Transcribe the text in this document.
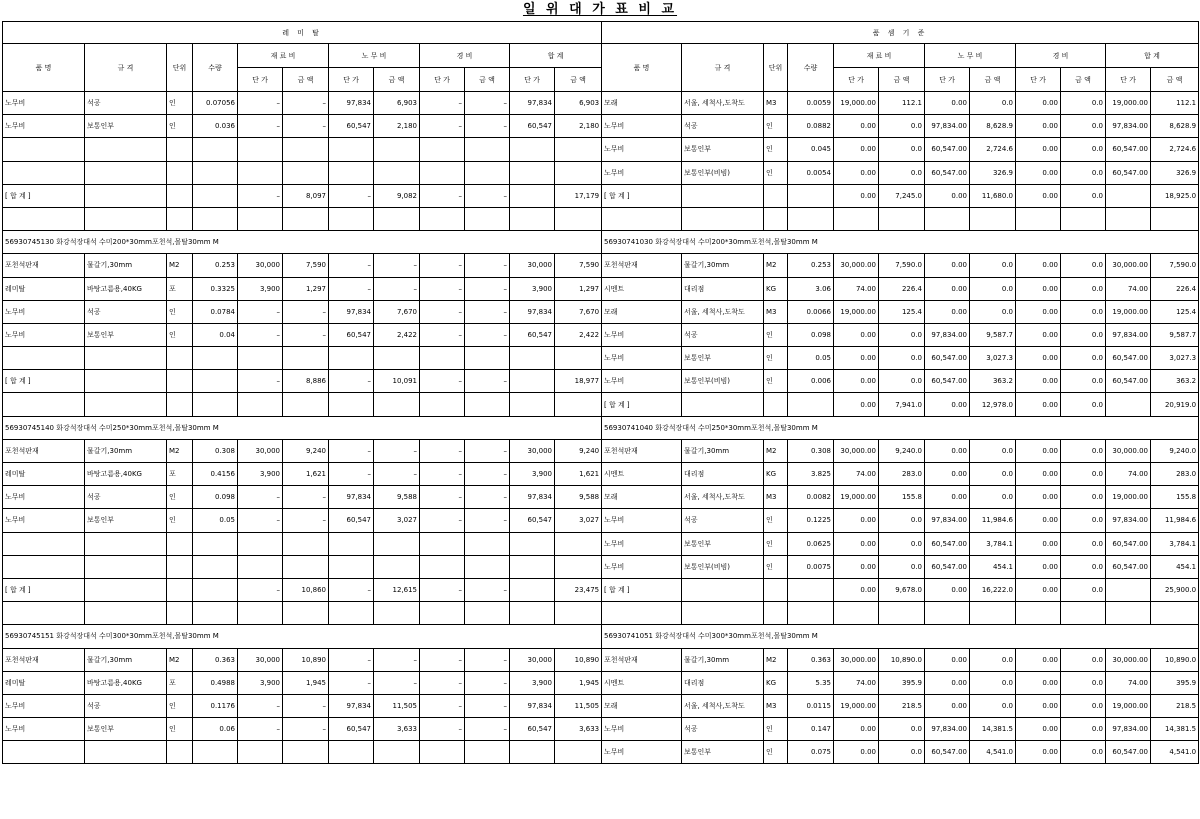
일 위 대 가 표 비 교
레 미 탈											
품 명	규 격	단위	수량	재 료 비		노 무 비		경 비		합 계	
				단 가	금 액	단 가	금 액	단 가	금 액	단 가	금 액
노무비	석공	인	0.07056	–	–	97,834	6,903	–	–	97,834	6,903
노무비	보통인부	인	0.036	–	–	60,547	2,180	–	–	60,547	2,180

[ 합 계 ]				–	8,097	–	9,082	–	–		17,179

56930745130 화강석장대석 수미200*30mm포천석,몰탈30mm M											
포천석판재	물갈기,30mm	M2	0.253	30,000	7,590	–	–	–	–	30,000	7,590
레미탈	바탕고름용,40KG	포	0.3325	3,900	1,297	–	–	–	–	3,900	1,297
노무비	석공	인	0.0784	–	–	97,834	7,670	–	–	97,834	7,670
노무비	보통인부	인	0.04	–	–	60,547	2,422	–	–	60,547	2,422

[ 합 계 ]				–	8,886	–	10,091	–	–		18,977

56930745140 화강석장대석 수미250*30mm포천석,몰탈30mm M											
포천석판재	물갈기,30mm	M2	0.308	30,000	9,240	–	–	–	–	30,000	9,240
레미탈	바탕고름용,40KG	포	0.4156	3,900	1,621	–	–	–	–	3,900	1,621
노무비	석공	인	0.098	–	–	97,834	9,588	–	–	97,834	9,588
노무비	보통인부	인	0.05	–	–	60,547	3,027	–	–	60,547	3,027

[ 합 계 ]				–	10,860	–	12,615	–	–		23,475

56930745151 화강석장대석 수미300*30mm포천석,몰탈30mm M											
포천석판재	물갈기,30mm	M2	0.363	30,000	10,890	–	–	–	–	30,000	10,890
레미탈	바탕고름용,40KG	포	0.4988	3,900	1,945	–	–	–	–	3,900	1,945
노무비	석공	인	0.1176	–	–	97,834	11,505	–	–	97,834	11,505
노무비	보통인부	인	0.06	–	–	60,547	3,633	–	–	60,547	3,633

품 셈 기 준											
품 명	규 격	단위	수량	재 료 비		노 무 비		경 비		합 계	
				단 가	금 액	단 가	금 액	단 가	금 액	단 가	금 액
모래	서울, 세척사,도착도	M3	0.0059	19,000.00	112.1	0.00	0.0	0.00	0.0	19,000.00	112.1
노무비	석공	인	0.0882	0.00	0.0	97,834.00	8,628.9	0.00	0.0	97,834.00	8,628.9
노무비	보통인부	인	0.045	0.00	0.0	60,547.00	2,724.6	0.00	0.0	60,547.00	2,724.6
노무비	보통인부(비빔)	인	0.0054	0.00	0.0	60,547.00	326.9	0.00	0.0	60,547.00	326.9
[ 합 계 ]				0.00	7,245.0	0.00	11,680.0	0.00	0.0		18,925.0

56930741030 화강석장대석 수미200*30mm포천석,몰탈30mm M											
포천석판재	물갈기,30mm	M2	0.253	30,000.00	7,590.0	0.00	0.0	0.00	0.0	30,000.00	7,590.0
시멘트	대리점	KG	3.06	74.00	226.4	0.00	0.0	0.00	0.0	74.00	226.4
모래	서울, 세척사,도착도	M3	0.0066	19,000.00	125.4	0.00	0.0	0.00	0.0	19,000.00	125.4
노무비	석공	인	0.098	0.00	0.0	97,834.00	9,587.7	0.00	0.0	97,834.00	9,587.7
노무비	보통인부	인	0.05	0.00	0.0	60,547.00	3,027.3	0.00	0.0	60,547.00	3,027.3
노무비	보통인부(비빔)	인	0.006	0.00	0.0	60,547.00	363.2	0.00	0.0	60,547.00	363.2
[ 합 계 ]				0.00	7,941.0	0.00	12,978.0	0.00	0.0		20,919.0
56930741040 화강석장대석 수미250*30mm포천석,몰탈30mm M											
포천석판재	물갈기,30mm	M2	0.308	30,000.00	9,240.0	0.00	0.0	0.00	0.0	30,000.00	9,240.0
시멘트	대리점	KG	3.825	74.00	283.0	0.00	0.0	0.00	0.0	74.00	283.0
모래	서울, 세척사,도착도	M3	0.0082	19,000.00	155.8	0.00	0.0	0.00	0.0	19,000.00	155.8
노무비	석공	인	0.1225	0.00	0.0	97,834.00	11,984.6	0.00	0.0	97,834.00	11,984.6
노무비	보통인부	인	0.0625	0.00	0.0	60,547.00	3,784.1	0.00	0.0	60,547.00	3,784.1
노무비	보통인부(비빔)	인	0.0075	0.00	0.0	60,547.00	454.1	0.00	0.0	60,547.00	454.1
[ 합 계 ]				0.00	9,678.0	0.00	16,222.0	0.00	0.0		25,900.0

56930741051 화강석장대석 수미300*30mm포천석,몰탈30mm M											
포천석판재	물갈기,30mm	M2	0.363	30,000.00	10,890.0	0.00	0.0	0.00	0.0	30,000.00	10,890.0
시멘트	대리점	KG	5.35	74.00	395.9	0.00	0.0	0.00	0.0	74.00	395.9
모래	서울, 세척사,도착도	M3	0.0115	19,000.00	218.5	0.00	0.0	0.00	0.0	19,000.00	218.5
노무비	석공	인	0.147	0.00	0.0	97,834.00	14,381.5	0.00	0.0	97,834.00	14,381.5
노무비	보통인부	인	0.075	0.00	0.0	60,547.00	4,541.0	0.00	0.0	60,547.00	4,541.0
